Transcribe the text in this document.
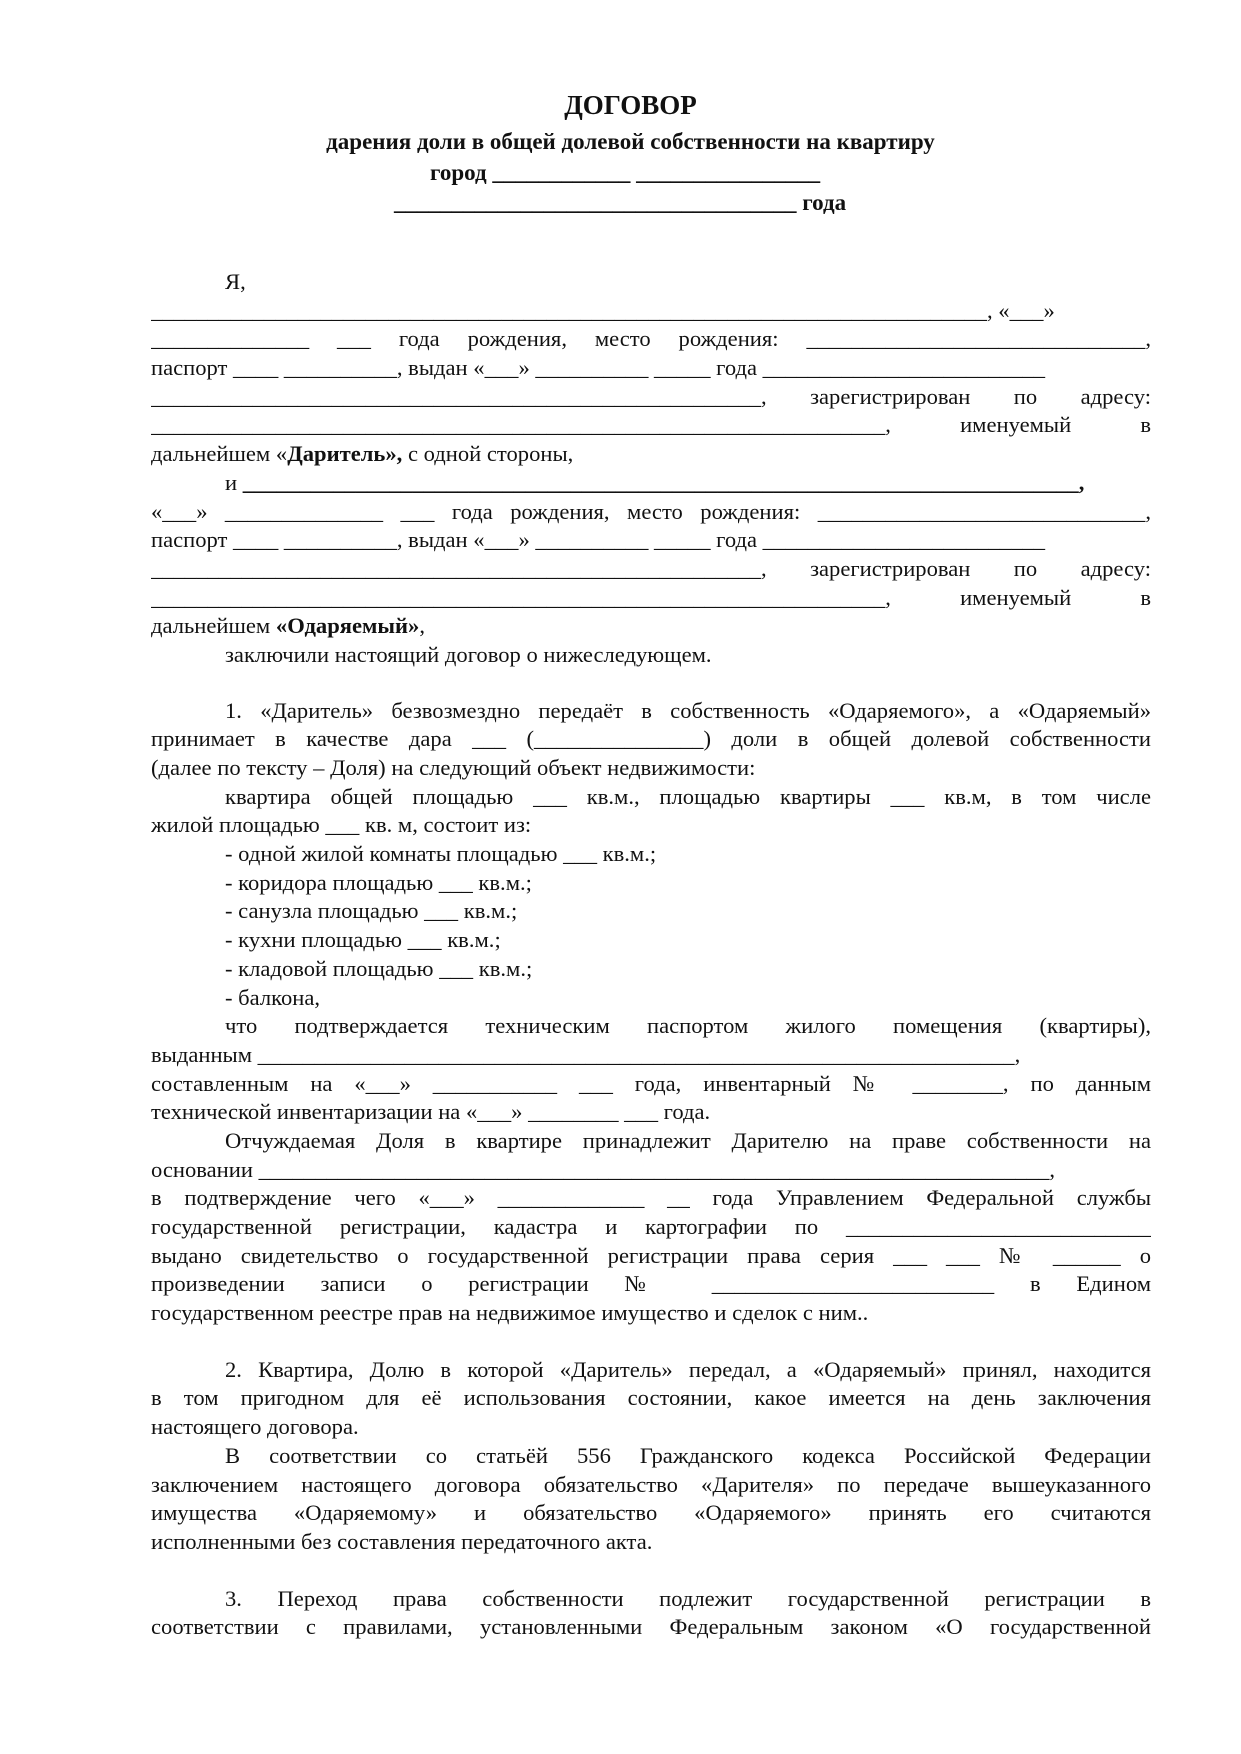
ДОГОВОР
дарения доли в общей долевой собственности на квартиру
город ____________ ________________
___________________________________ года
Я,
__________________________________________________________________________, «___»
______________ ___ года рождения, место рождения: ______________________________,
паспорт ____ __________, выдан «___» __________ _____ года _________________________
______________________________________________________, зарегистрирован по адресу:
_________________________________________________________________, именуемый в
дальнейшем «Даритель», с одной стороны,
и __________________________________________________________________________,
«___» ______________ ___ года рождения, место рождения: _____________________________,
паспорт ____ __________, выдан «___» __________ _____ года _________________________
______________________________________________________, зарегистрирован по адресу:
_________________________________________________________________, именуемый в
дальнейшем «Одаряемый»,
заключили настоящий договор о нижеследующем.
1. «Даритель» безвозмездно передаёт в собственность «Одаряемого», а «Одаряемый»
принимает в качестве дара ___ (_______________) доли в общей долевой собственности
(далее по тексту – Доля) на следующий объект недвижимости:
квартира общей площадью ___ кв.м., площадью квартиры ___ кв.м, в том числе
жилой площадью ___ кв. м, состоит из:
- одной жилой комнаты площадью ___ кв.м.;
- коридора площадью ___ кв.м.;
- санузла площадью ___ кв.м.;
- кухни площадью ___ кв.м.;
- кладовой площадью ___ кв.м.;
- балкона,
что подтверждается техническим паспортом жилого помещения (квартиры),
выданным ___________________________________________________________________,
составленным на «___» ___________ ___ года, инвентарный № ________, по данным
технической инвентаризации на «___» ________ ___ года.
Отчуждаемая Доля в квартире принадлежит Дарителю на праве собственности на
основании ______________________________________________________________________,
в подтверждение чего «___» _____________ __ года Управлением Федеральной службы
государственной регистрации, кадастра и картографии по ___________________________
выдано свидетельство о государственной регистрации права серия ___ ___ № ______ о
произведении записи о регистрации № _________________________ в Едином
государственном реестре прав на недвижимое имущество и сделок с ним..
2. Квартира, Долю в которой «Даритель» передал, а «Одаряемый» принял, находится
в том пригодном для её использования состоянии, какое имеется на день заключения
настоящего договора.
В соответствии со статьёй 556 Гражданского кодекса Российской Федерации
заключением настоящего договора обязательство «Дарителя» по передаче вышеуказанного
имущества «Одаряемому» и обязательство «Одаряемого» принять его считаются
исполненными без составления передаточного акта.
3. Переход права собственности подлежит государственной регистрации в
соответствии с правилами, установленными Федеральным законом «О государственной
